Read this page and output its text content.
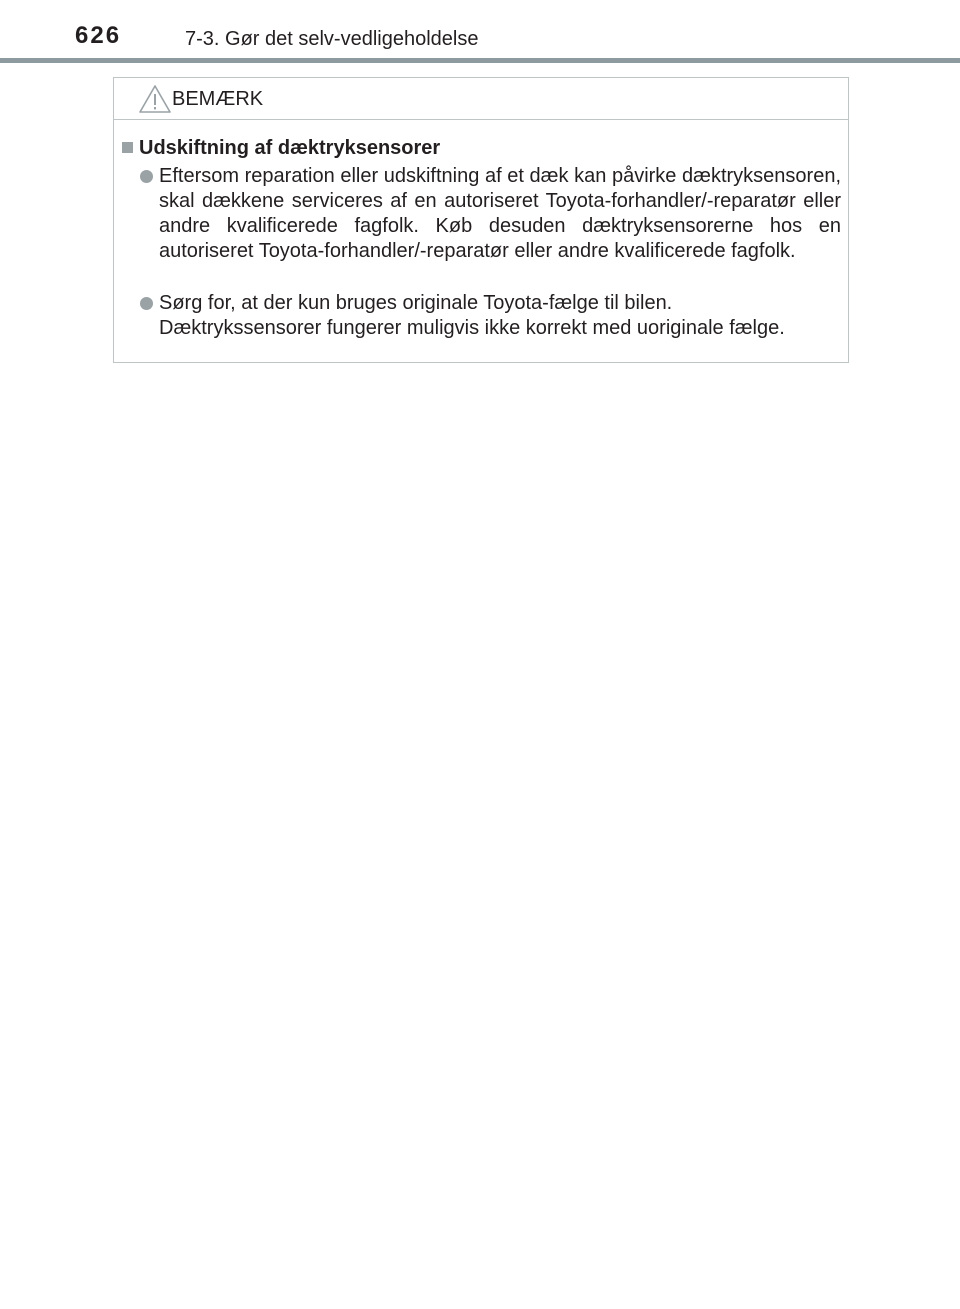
626	7-3. Gør det selv-vedligeholdelse
BEMÆRK
Udskiftning af dæktryksensorer
Eftersom reparation eller udskiftning af et dæk kan påvirke dæktryksensoren, skal dækkene serviceres af en autoriseret Toyota-forhandler/-reparatør eller andre kvalificerede fagfolk. Køb desuden dæktryksensorerne hos en autoriseret Toyota-forhandler/-reparatør eller andre kvalificerede fagfolk.
Sørg for, at der kun bruges originale Toyota-fælge til bilen.
Dæktrykssensorer fungerer muligvis ikke korrekt med uoriginale fælge.
